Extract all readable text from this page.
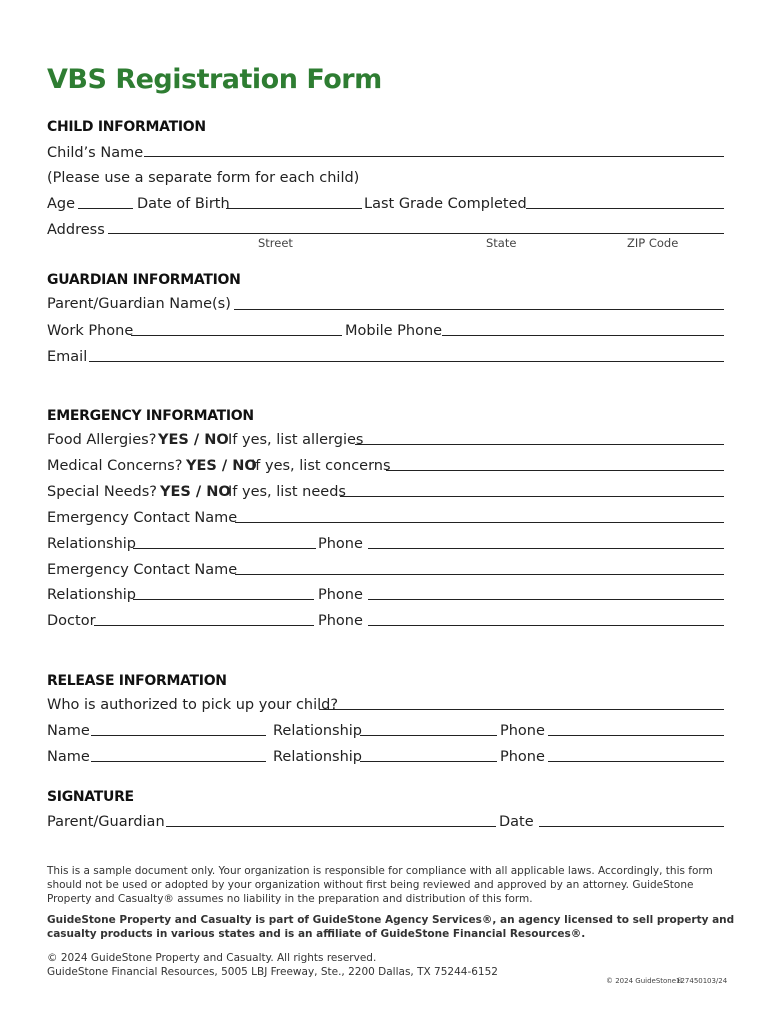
VBS Registration Form
CHILD INFORMATION
Child’s Name
(Please use a separate form for each child)
Age	Date of Birth	Last Grade Completed
Address
Street	State	ZIP Code
GUARDIAN INFORMATION
Parent/Guardian Name(s)
Work Phone	Mobile Phone
Email
EMERGENCY INFORMATION
Food Allergies? YES / NO If yes, list allergies
Medical Concerns? YES / NO
If yes, list concerns
Special Needs? YES / NO
If yes, list needs
Emergency Contact Name
Relationship	Phone
Emergency Contact Name
Relationship	Phone
Doctor	Phone
RELEASE INFORMATION
Who is authorized to pick up your child?
Name	Relationship	Phone
Name	Relationship	Phone
SIGNATURE
Parent/Guardian	Date
This is a sample document only. Your organization is responsible for compliance with all applicable laws. Accordingly, this form should not be used or adopted by your organization without first being reviewed and approved by an attorney. GuideStone Property and Casualty® assumes no liability in the preparation and distribution of this form.
GuideStone Property and Casualty is part of GuideStone Agency Services®, an agency licensed to sell property and casualty products in various states and is an affiliate of GuideStone Financial Resources®.
© 2024 GuideStone Property and Casualty. All rights reserved.
GuideStone Financial Resources, 5005 LBJ Freeway, Ste., 2200 Dallas, TX 75244-6152
© 2024 GuideStone®
1274501 03/24
